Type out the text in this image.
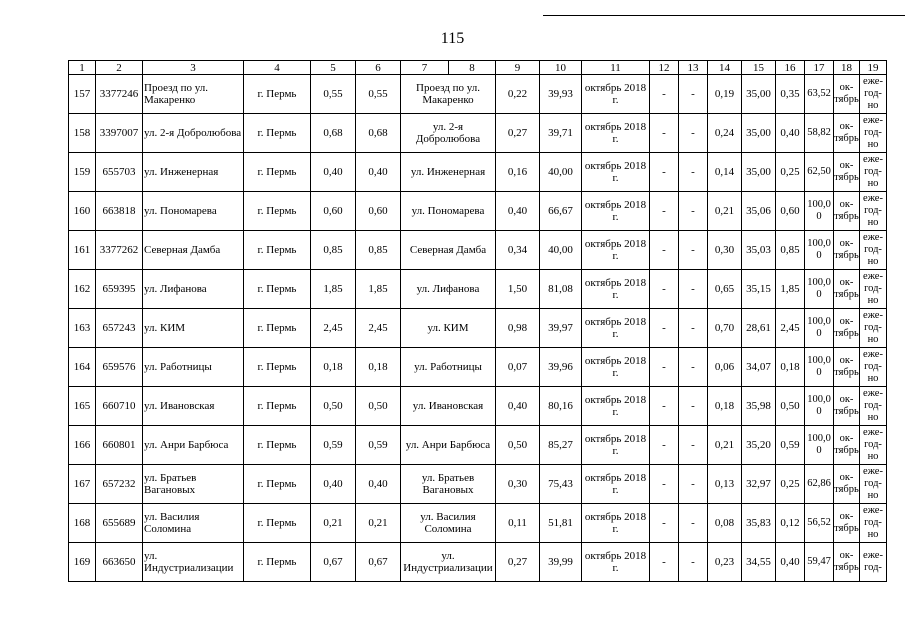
115
1	2	3	4	5	6	7	8	9	10	11	12	13	14	15	16	17	18	19
157	3377246	Проезд по ул. Макаренко	г. Пермь	0,55	0,55	Проезд по ул. Макаренко		0,22	39,93	октябрь 2018 г.	-	-	0,19	35,00	0,35	63,52	ок-тябрь	еже-год-но
158	3397007	ул. 2-я Добролюбова	г. Пермь	0,68	0,68	ул. 2-я Добролюбова		0,27	39,71	октябрь 2018 г.	-	-	0,24	35,00	0,40	58,82	ок-тябрь	еже-год-но
159	655703	ул. Инженерная	г. Пермь	0,40	0,40	ул. Инженерная		0,16	40,00	октябрь 2018 г.	-	-	0,14	35,00	0,25	62,50	ок-тябрь	еже-год-но
160	663818	ул. Пономарева	г. Пермь	0,60	0,60	ул. Пономарева		0,40	66,67	октябрь 2018 г.	-	-	0,21	35,06	0,60	100,0 0	ок-тябрь	еже-год-но
161	3377262	Северная Дамба	г. Пермь	0,85	0,85	Северная Дамба		0,34	40,00	октябрь 2018 г.	-	-	0,30	35,03	0,85	100,0 0	ок-тябрь	еже-год-но
162	659395	ул. Лифанова	г. Пермь	1,85	1,85	ул. Лифанова		1,50	81,08	октябрь 2018 г.	-	-	0,65	35,15	1,85	100,0 0	ок-тябрь	еже-год-но
163	657243	ул. КИМ	г. Пермь	2,45	2,45	ул. КИМ		0,98	39,97	октябрь 2018 г.	-	-	0,70	28,61	2,45	100,0 0	ок-тябрь	еже-год-но
164	659576	ул. Работницы	г. Пермь	0,18	0,18	ул. Работницы		0,07	39,96	октябрь 2018 г.	-	-	0,06	34,07	0,18	100,0 0	ок-тябрь	еже-год-но
165	660710	ул. Ивановская	г. Пермь	0,50	0,50	ул. Ивановская		0,40	80,16	октябрь 2018 г.	-	-	0,18	35,98	0,50	100,0 0	ок-тябрь	еже-год-но
166	660801	ул. Анри Барбюса	г. Пермь	0,59	0,59	ул. Анри Барбюса		0,50	85,27	октябрь 2018 г.	-	-	0,21	35,20	0,59	100,0 0	ок-тябрь	еже-год-но
167	657232	ул. Братьев Вагановых	г. Пермь	0,40	0,40	ул. Братьев Вагановых		0,30	75,43	октябрь 2018 г.	-	-	0,13	32,97	0,25	62,86	ок-тябрь	еже-год-но
168	655689	ул. Василия Соломина	г. Пермь	0,21	0,21	ул. Василия Соломина		0,11	51,81	октябрь 2018 г.	-	-	0,08	35,83	0,12	56,52	ок-тябрь	еже-год-но
169	663650	ул. Индустриализации	г. Пермь	0,67	0,67	ул. Индустриализации		0,27	39,99	октябрь 2018 г.	-	-	0,23	34,55	0,40	59,47	ок-тябрь	еже-год-
